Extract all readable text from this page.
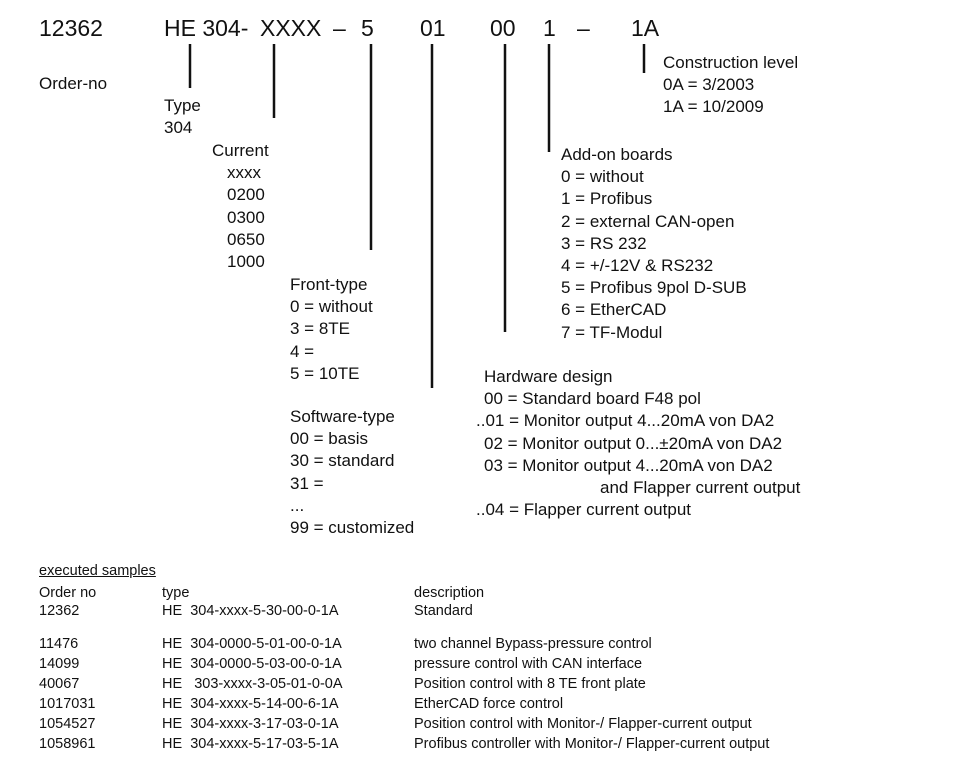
12362	HE 304- XXXX – 5 01 00 1 – 1A
Order-no
Type
304
Current
xxxx
0200
0300
0650
1000
Front-type
0 = without
3 = 8TE
4 =
5 = 10TE
Software-type
00 = basis
30 = standard
31 =
...
99 = customized
Hardware design
00 = Standard board F48 pol
..01 = Monitor output 4...20mA von DA2
02 = Monitor output 0...±20mA von DA2
03 = Monitor output 4...20mA von DA2
and Flapper current output
..04 = Flapper current output
Add-on boards
0 = without
1 = Profibus
2 = external CAN-open
3 = RS 232
4 = +/-12V & RS232
5 = Profibus 9pol D-SUB
6 = EtherCAD
7 = TF-Modul
Construction level
0A = 3/2003
1A = 10/2009
executed samples
Order no	type	description
12362	HE  304-xxxx-5-30-00-0-1A	Standard
11476	HE  304-0000-5-01-00-0-1A	two channel Bypass-pressure control
14099	HE  304-0000-5-03-00-0-1A	pressure control with CAN interface
40067	HE   303-xxxx-3-05-01-0-0A	Position control with 8 TE front plate
1017031	HE  304-xxxx-5-14-00-6-1A	EtherCAD force control
1054527	HE  304-xxxx-3-17-03-0-1A	Position control with Monitor-/ Flapper-current output
1058961	HE  304-xxxx-5-17-03-5-1A	Profibus controller with Monitor-/ Flapper-current output
